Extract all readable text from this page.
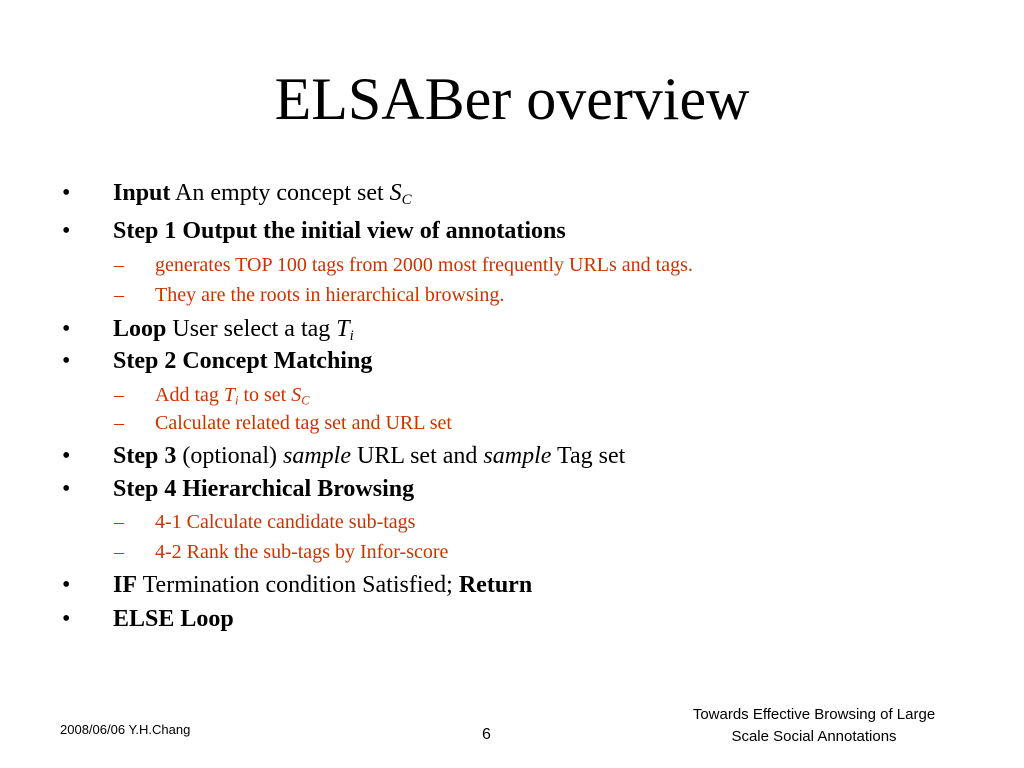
ELSABer overview
• Input An empty concept set $S_C$
• Step 1 Output the initial view of annotations
– generates TOP 100 tags from 2000 most frequently URLs and tags.
– They are the roots in hierarchical browsing.
• Loop User select a tag $T_i$
• Step 2 Concept Matching
– Add tag $T_i$ to set $S_C$
– Calculate related tag set and URL set
• Step 3 (optional) sample URL set and sample Tag set
• Step 4 Hierarchical Browsing
– 4-1 Calculate candidate sub-tags
– 4-2 Rank the sub-tags by Infor-score
• IF Termination condition Satisfied; Return
• ELSE Loop
2008/06/06 Y.H.Chang	6
Towards Effective Browsing of Large
Scale Social Annotations
